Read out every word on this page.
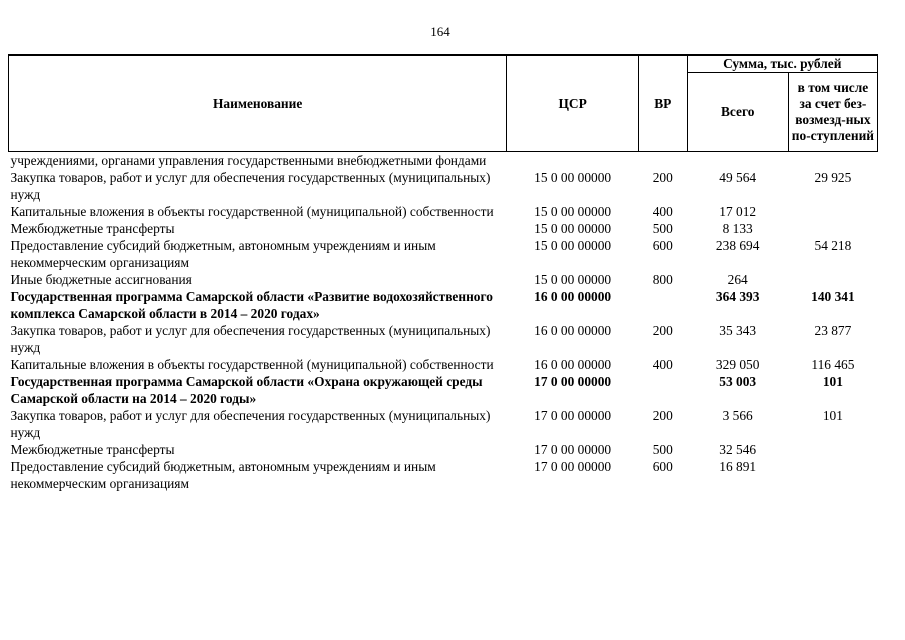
164
Наименование	ЦСР	ВР	Сумма, тыс. рублей	
			Всего	в том числе за счет без-возмезд-ных по-ступлений
учреждениями, органами управления государственными внебюджетными фондами				
Закупка товаров, работ и услуг для обеспечения государственных (муниципальных) нужд	15 0 00 00000	200	49 564	29 925
Капитальные вложения в объекты государственной (муниципальной) собственности	15 0 00 00000	400	17 012	
Межбюджетные трансферты	15 0 00 00000	500	8 133	
Предоставление субсидий бюджетным, автономным учреждениям и иным некоммерческим организациям	15 0 00 00000	600	238 694	54 218
Иные бюджетные ассигнования	15 0 00 00000	800	264	
Государственная программа Самарской области «Развитие водохозяйственного комплекса Самарской области в 2014 – 2020 годах»	16 0 00 00000		364 393	140 341
Закупка товаров, работ и услуг для обеспечения государственных (муниципальных) нужд	16 0 00 00000	200	35 343	23 877
Капитальные вложения в объекты государственной (муниципальной) собственности	16 0 00 00000	400	329 050	116 465
Государственная программа Самарской области «Охрана окружающей среды Самарской области на 2014 – 2020 годы»	17 0 00 00000		53 003	101
Закупка товаров, работ и услуг для обеспечения государственных (муниципальных) нужд	17 0 00 00000	200	3 566	101
Межбюджетные трансферты	17 0 00 00000	500	32 546	
Предоставление субсидий бюджетным, автономным учреждениям и иным некоммерческим организациям	17 0 00 00000	600	16 891	
